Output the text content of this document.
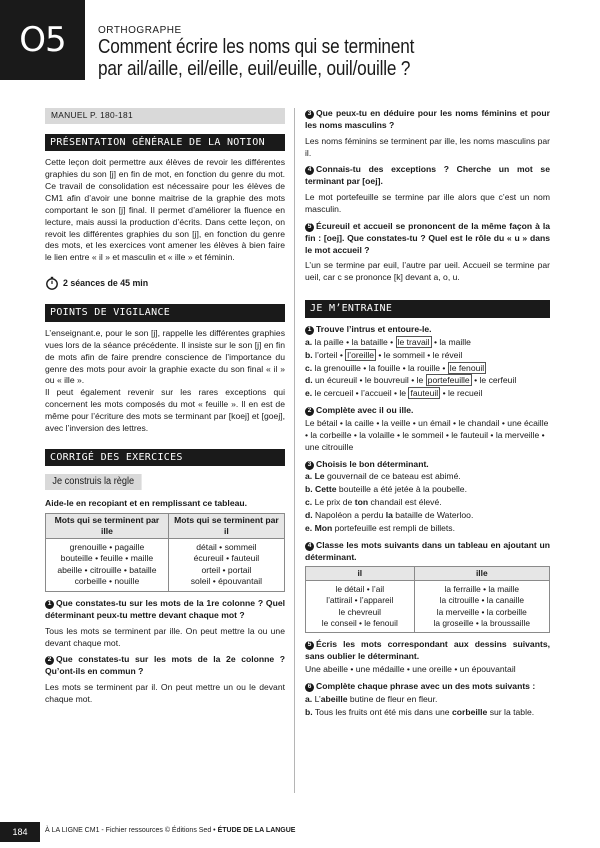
O5	ORTHOGRAPHE
Comment écrire les noms qui se terminent
par ail/aille, eil/eille, euil/euille, ouil/ouille ?
MANUEL P. 180-181
PRÉSENTATION GÉNÉRALE DE LA NOTION

Cette leçon doit permettre aux élèves de revoir les différentes graphies du son [j] en fin de mot, en fonction du genre du mot. Ce travail de consolidation est nécessaire pour les élèves de CM1 afin d’avoir une bonne maitrise de la graphie des mots comportant le son [j] final. Il permet d’améliorer la fluence en lecture, mais aussi la production d’écrits. Dans cette leçon, on revoit les différentes graphies du son [j], en fonction du genre des mots, et les exercices vont amener les élèves à bien faire le lien entre « il » et masculin et « ille » et féminin.

2 séances de 45 min
POINTS DE VIGILANCE

L’enseignant.e, pour le son [j], rappelle les différentes graphies vues lors de la séance précédente. Il insiste sur le son [j] en fin de mots afin de faire prendre conscience de l’importance du genre des mots pour avoir la graphie exacte du son final « il » ou « ille ».

Il peut également revenir sur les rares exceptions qui concernent les mots composés du mot « feuille ». Il en est de même pour l’écriture des mots se terminant par [koej] et [goej], avec l’inversion des lettres.

CORRIGÉ DES EXERCICES
Je construis la règle

Aide-le en recopiant et en remplissant ce tableau.

Mots qui se terminent par ille	Mots qui se terminent par il
grenouille • pagaille	détail • sommeil
bouteille • feuille • maille	écureuil • fauteuil
abeille • citrouille • bataille	orteil • portail
corbeille • nouille	soleil • épouvantail

1 Que constates-tu sur les mots de la 1re colonne ? Quel déterminant peux-tu mettre devant chaque mot ?

Tous les mots se terminent par ille. On peut mettre la ou une devant chaque mot.

2 Que constates-tu sur les mots de la 2e colonne ? Qu’ont-ils en commun ?

Les mots se terminent par il. On peut mettre un ou le devant chaque mot.

3 Que peux-tu en déduire pour les noms féminins et pour les noms masculins ?

Les noms féminins se terminent par ille, les noms masculins par il.

4 Connais-tu des exceptions ? Cherche un mot se terminant par [oej].

Le mot portefeuille se termine par ille alors que c’est un nom masculin.

5 Écureuil et accueil se prononcent de la même façon à la fin : [oej]. Que constates-tu ? Quel est le rôle du « u » dans le mot accueil ?

L’un se termine par euil, l’autre par ueil. Accueil se termine par ueil, car c se prononce [k] devant a, o, u.

JE M’ENTRAINE

1 Trouve l’intrus et entoure-le.

a. la paille • la bataille • le travail • la maille
b. l’orteil • l’oreille • le sommeil • le réveil
c. la grenouille • la fouille • la rouille • le fenouil
d. un écureuil • le bouvreuil • le portefeuille • le cerfeuil
e. le cercueil • l’accueil • le fauteuil • le recueil

2 Complète avec il ou ille.

Le bétail • la caille • la veille • un émail • le chandail • une écaille • la corbeille • la volaille • le sommeil • le fauteuil • la merveille • une citrouille

3 Choisis le bon déterminant.

a. Le gouvernail de ce bateau est abimé.
b. Cette bouteille a été jetée à la poubelle.
c. Le prix de ton chandail est élevé.
d. Napoléon a perdu la bataille de Waterloo.
e. Mon portefeuille est rempli de billets.

4 Classe les mots suivants dans un tableau en ajoutant un déterminant.

il	ille
le détail • l’ail	la ferraille • la maille
l’attirail • l’appareil	la citrouille • la canaille
le chevreuil	la merveille • la corbeille
le conseil • le fenouil	la groseille • la broussaille

5 Écris les mots correspondant aux dessins suivants, sans oublier le déterminant.

Une abeille • une médaille • une oreille • un épouvantail

6 Complète chaque phrase avec un des mots suivants :

a. L’abeille butine de fleur en fleur.
b. Tous les fruits ont été mis dans une corbeille sur la table.
184	À LA LIGNE CM1 - Fichier ressources © Éditions Sed • ÉTUDE DE LA LANGUE
